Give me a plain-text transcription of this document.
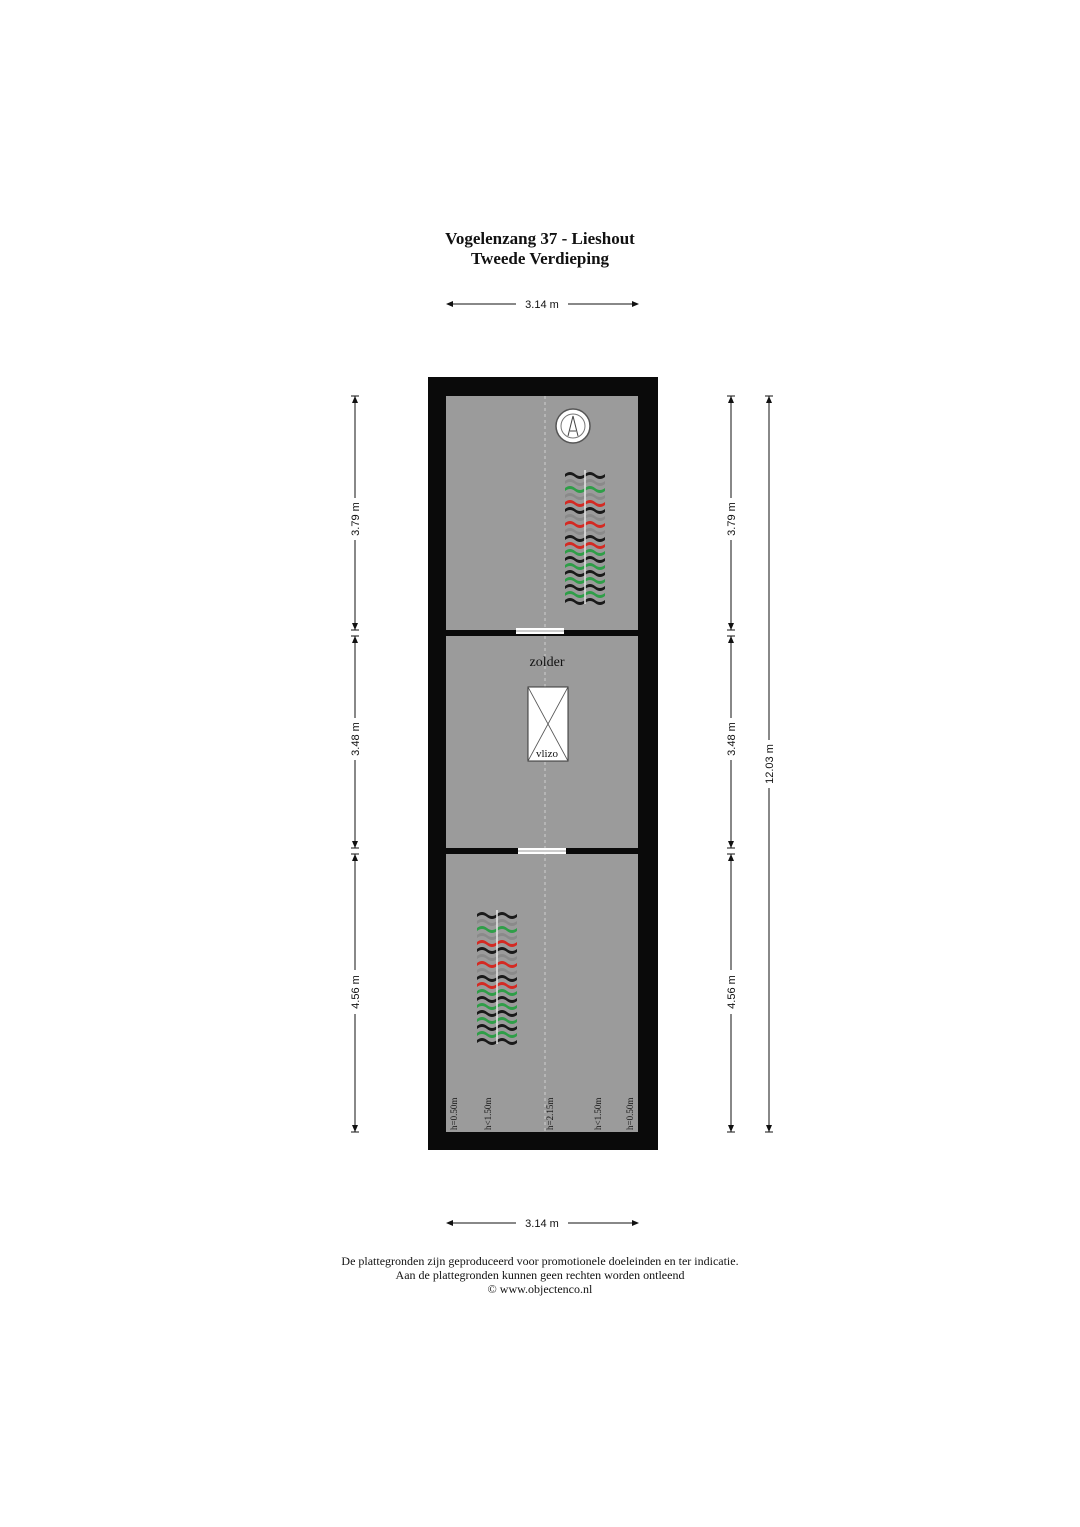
Vogelenzang 37 - Lieshout
Tweede Verdieping
3.14 m
zolder
vlizo
h=0.50m	h<1.50m	h=2.15m	h<1.50m h=0.50m
3.79 m
3.48 m
4.56 m
3.79 m
3.48 m
4.56 m
12.03 m
3.14 m
De plattegronden zijn geproduceerd voor promotionele doeleinden en ter indicatie.
Aan de plattegronden kunnen geen rechten worden ontleend
© www.objectenco.nl
